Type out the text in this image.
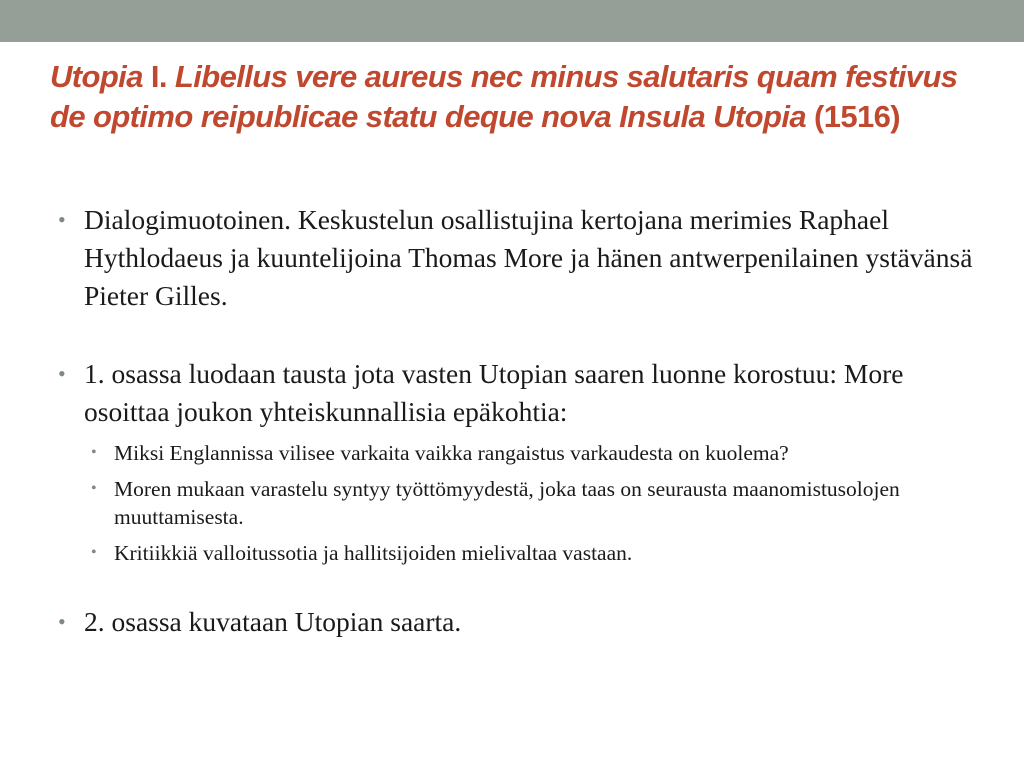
Utopia I. Libellus vere aureus nec minus salutaris quam festivus de optimo reipublicae statu deque nova Insula Utopia (1516)
• Dialogimuotoinen. Keskustelun osallistujina kertojana merimies Raphael Hythlodaeus ja kuuntelijoina Thomas More ja hänen antwerpenilainen ystävänsä Pieter Gilles.
• 1. osassa luodaan tausta jota vasten Utopian saaren luonne korostuu: More osoittaa joukon yhteiskunnallisia epäkohtia:
• Miksi Englannissa vilisee varkaita vaikka rangaistus varkaudesta on kuolema?
• Moren mukaan varastelu syntyy työttömyydestä, joka taas on seurausta maanomistusolojen muuttamisesta.
• Kritiikkiä valloitussotia ja hallitsijoiden mielivaltaa vastaan.
• 2. osassa kuvataan Utopian saarta.
